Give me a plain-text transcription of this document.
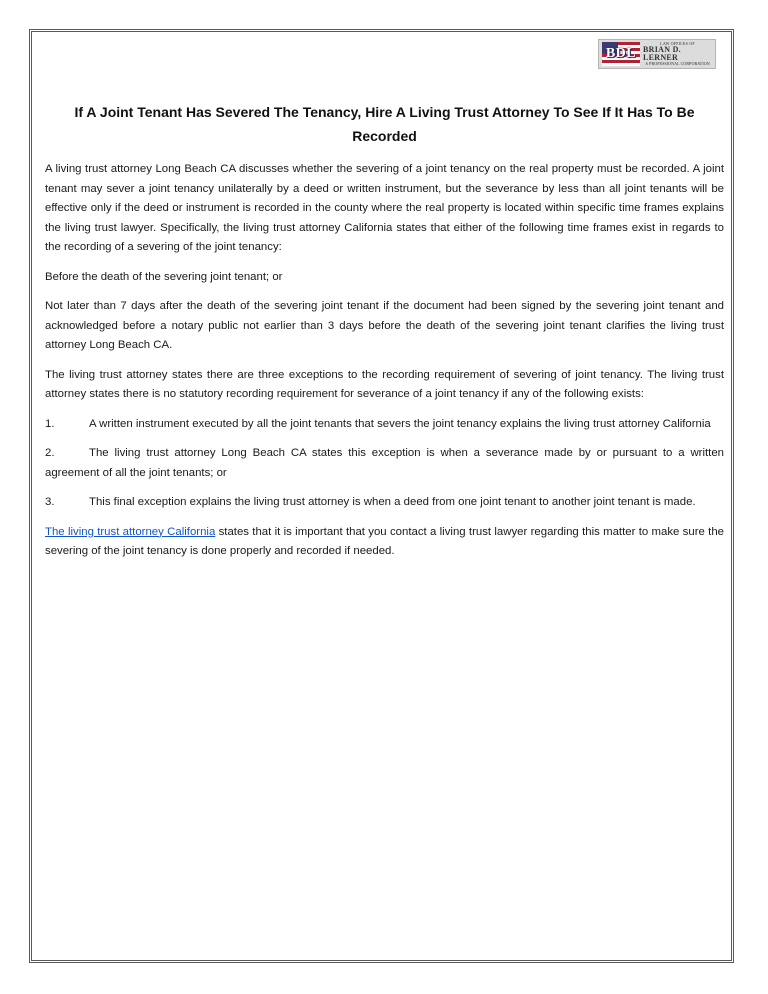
BDL
LAW OFFICES OF
BRIAN D. LERNER
A PROFESSIONAL CORPORATION
If A Joint Tenant Has Severed The Tenancy, Hire A Living Trust Attorney To See If It Has To Be Recorded

A living trust attorney Long Beach CA discusses whether the severing of a joint tenancy on the real property must be recorded. A joint tenant may sever a joint tenancy unilaterally by a deed or written instrument, but the severance by less than all joint tenants will be effective only if the deed or instrument is recorded in the county where the real property is located within specific time frames explains the living trust lawyer. Specifically, the living trust attorney California states that either of the following time frames exist in regards to the recording of a severing of the joint tenancy:

Before the death of the severing joint tenant; or

Not later than 7 days after the death of the severing joint tenant if the document had been signed by the severing joint tenant and acknowledged before a notary public not earlier than 3 days before the death of the severing joint tenant clarifies the living trust attorney Long Beach CA.

The living trust attorney states there are three exceptions to the recording requirement of severing of joint tenancy. The living trust attorney states there is no statutory recording requirement for severance of a joint tenancy if any of the following exists:

1.	A written instrument executed by all the joint tenants that severs the joint tenancy explains the living trust attorney California

2.	The living trust attorney Long Beach CA states this exception is when a severance made by or pursuant to a written agreement of all the joint tenants; or

3.	This final exception explains the living trust attorney is when a deed from one joint tenant to another joint tenant is made.

The living trust attorney California states that it is important that you contact a living trust lawyer regarding this matter to make sure the severing of the joint tenancy is done properly and recorded if needed.
